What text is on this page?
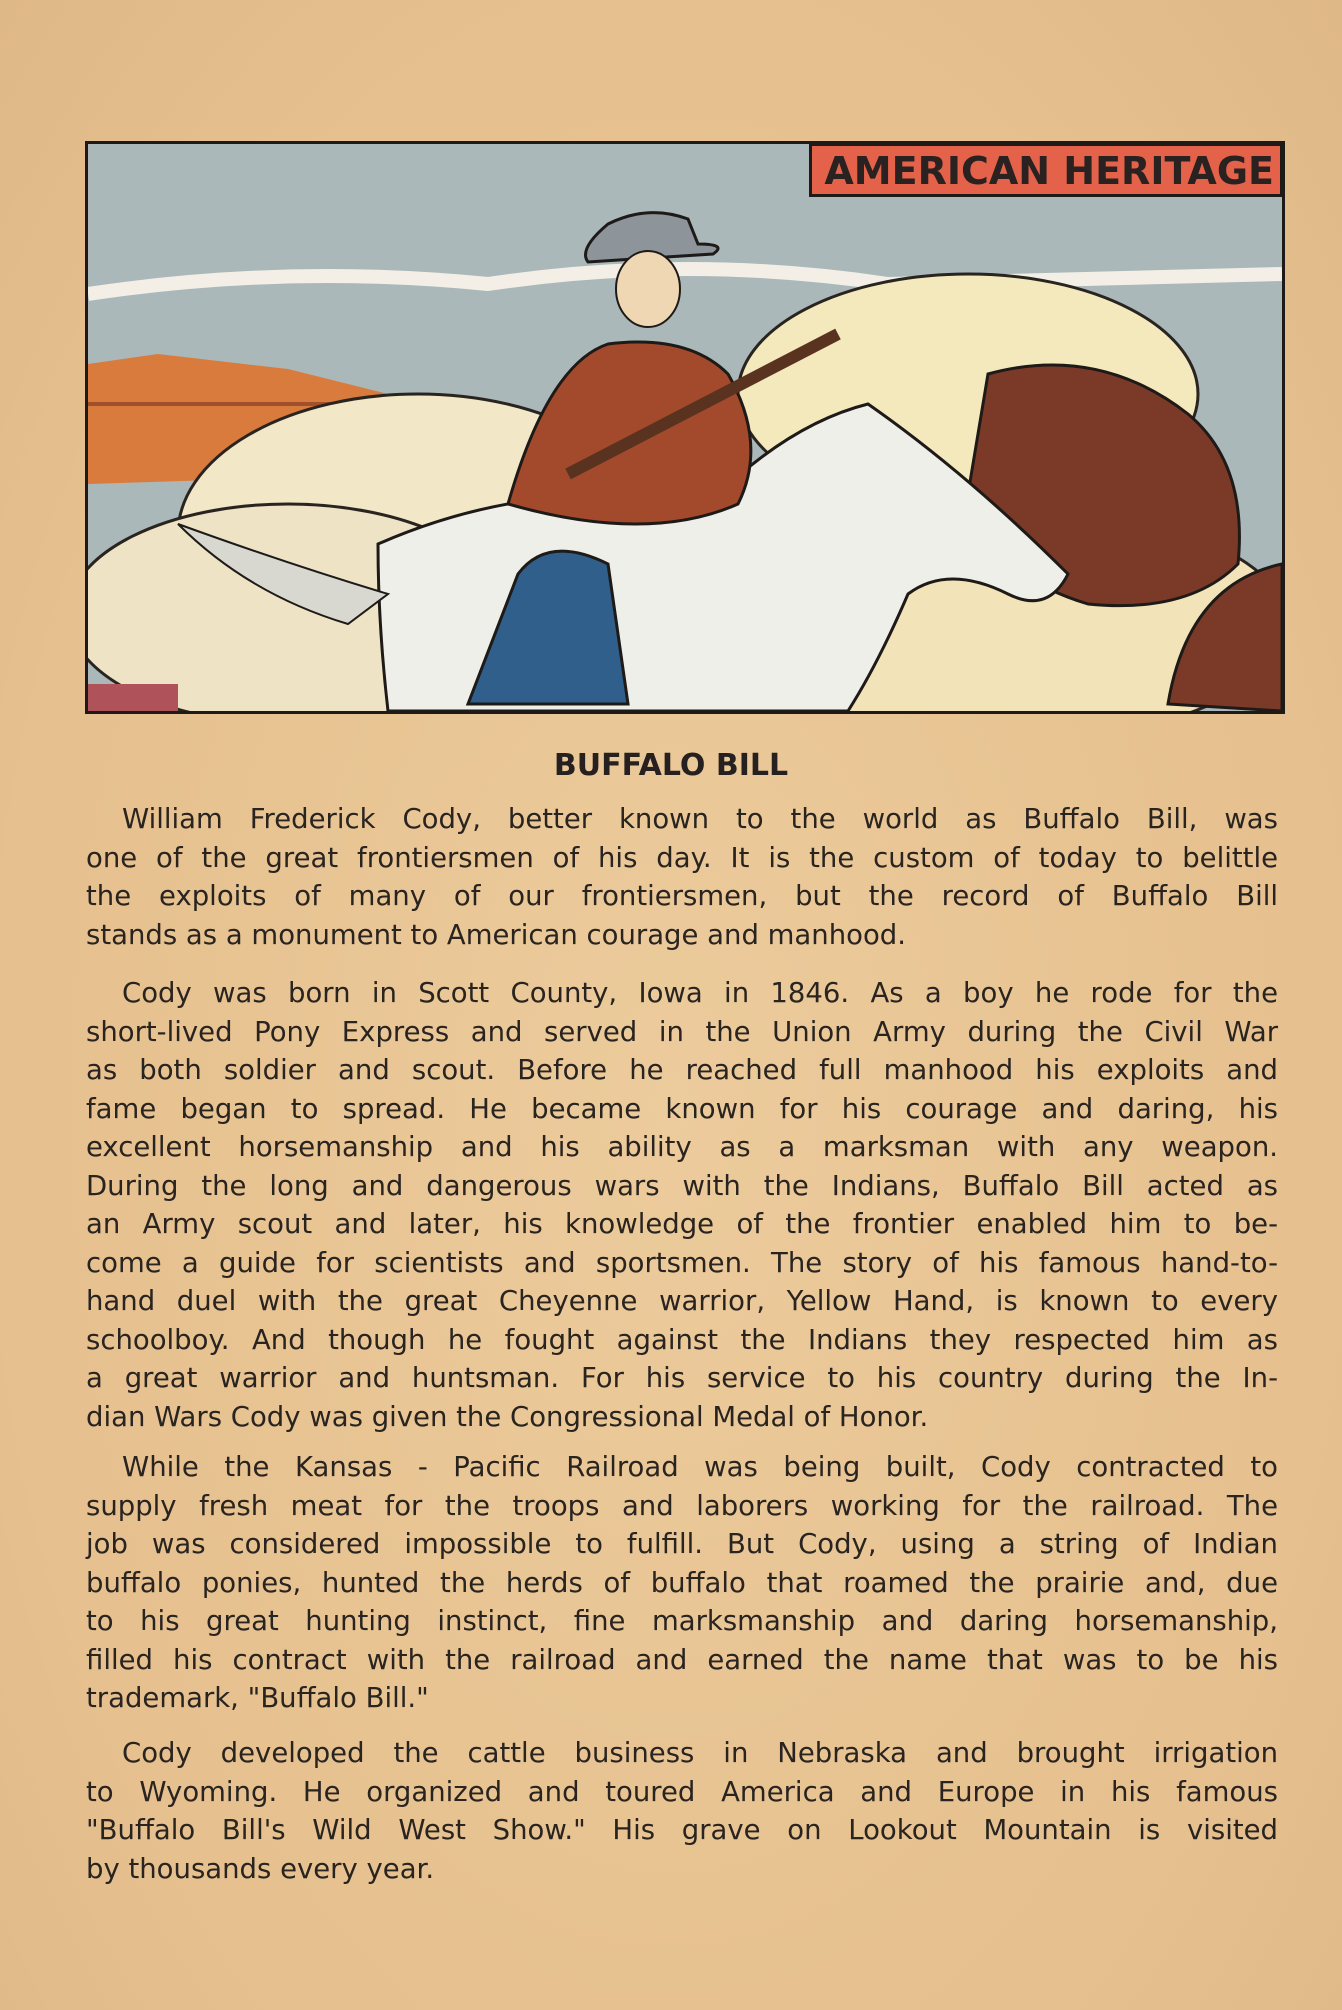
AMERICAN HERITAGE
BUFFALO BILL
William Frederick Cody, better known to the world as Buffalo Bill, was
one of the great frontiersmen of his day. It is the custom of today to belittle
the exploits of many of our frontiersmen, but the record of Buffalo Bill
stands as a monument to American courage and manhood.
Cody was born in Scott County, Iowa in 1846. As a boy he rode for the
short-lived Pony Express and served in the Union Army during the Civil War
as both soldier and scout. Before he reached full manhood his exploits and
fame began to spread. He became known for his courage and daring, his
excellent horsemanship and his ability as a marksman with any weapon.
During the long and dangerous wars with the Indians, Buffalo Bill acted as
an Army scout and later, his knowledge of the frontier enabled him to be-
come a guide for scientists and sportsmen. The story of his famous hand-to-
hand duel with the great Cheyenne warrior, Yellow Hand, is known to every
schoolboy. And though he fought against the Indians they respected him as
a great warrior and huntsman. For his service to his country during the In-
dian Wars Cody was given the Congressional Medal of Honor.
While the Kansas - Pacific Railroad was being built, Cody contracted to
supply fresh meat for the troops and laborers working for the railroad. The
job was considered impossible to fulfill. But Cody, using a string of Indian
buffalo ponies, hunted the herds of buffalo that roamed the prairie and, due
to his great hunting instinct, fine marksmanship and daring horsemanship,
filled his contract with the railroad and earned the name that was to be his
trademark, "Buffalo Bill."
Cody developed the cattle business in Nebraska and brought irrigation
to Wyoming. He organized and toured America and Europe in his famous
"Buffalo Bill's Wild West Show." His grave on Lookout Mountain is visited
by thousands every year.
